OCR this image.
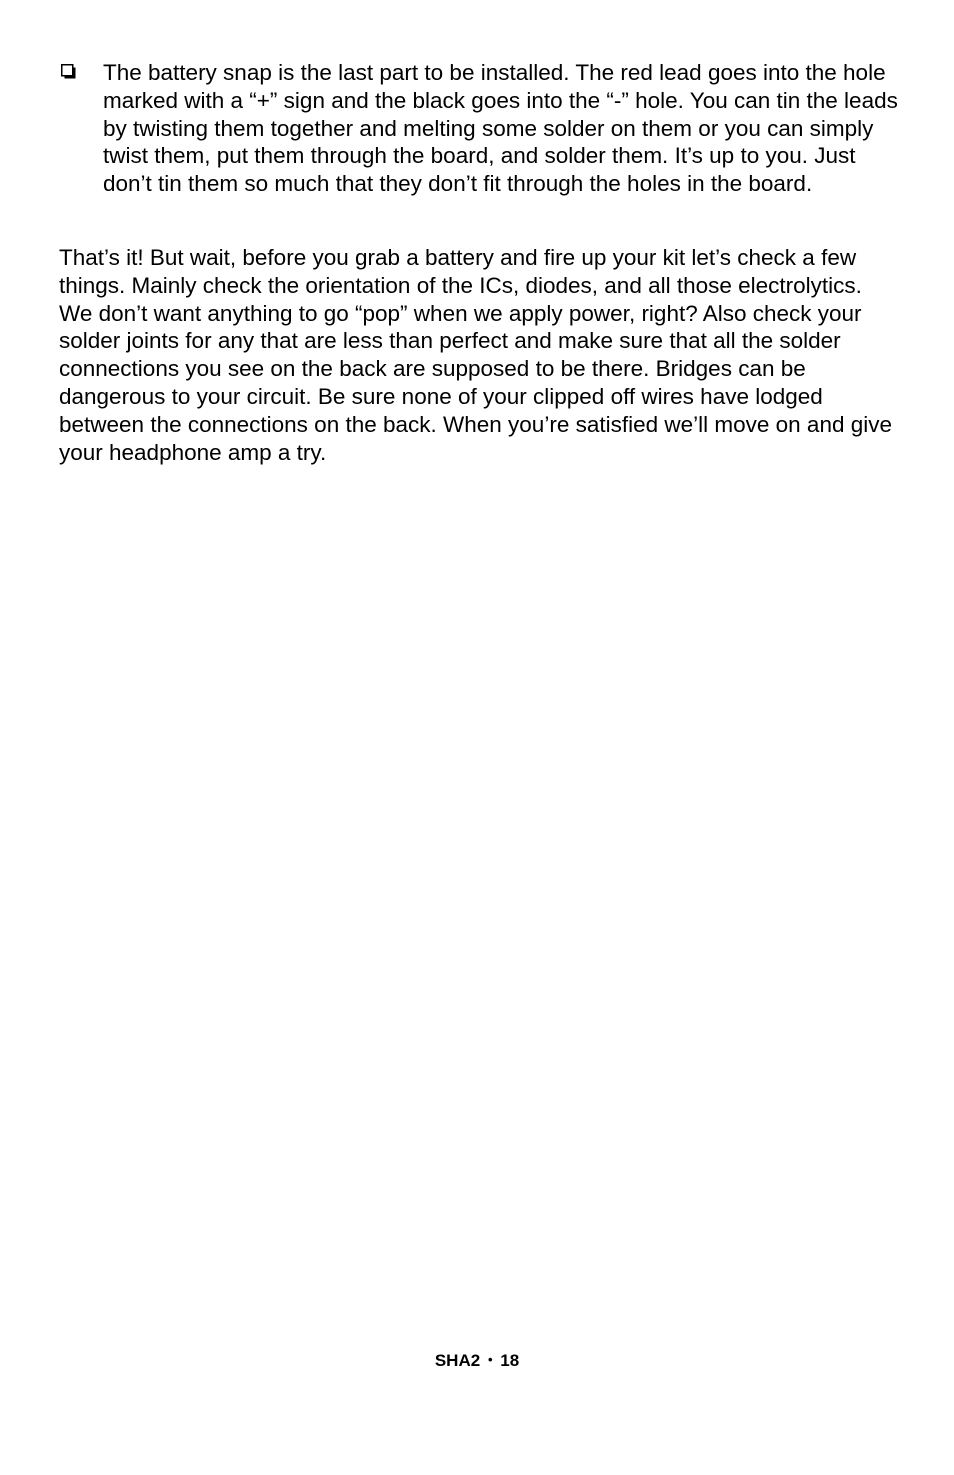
The battery snap is the last part to be installed. The red lead goes into the hole marked with a “+” sign and the black goes into the “-” hole. You can tin the leads by twisting them together and melting some solder on them or you can simply twist them, put them through the board, and solder them. It’s up to you. Just don’t tin them so much that they don’t fit through the holes in the board.

That’s it! But wait, before you grab a battery and fire up your kit let’s check a few things. Mainly check the orientation of the ICs, diodes, and all those electrolytics. We don’t want anything to go “pop” when we apply power, right? Also check your solder joints for any that are less than perfect and make sure that all the solder connections you see on the back are supposed to be there. Bridges can be dangerous to your circuit. Be sure none of your clipped off wires have lodged between the connections on the back. When you’re satisfied we’ll move on and give your headphone amp a try.

SHA2 • 18
